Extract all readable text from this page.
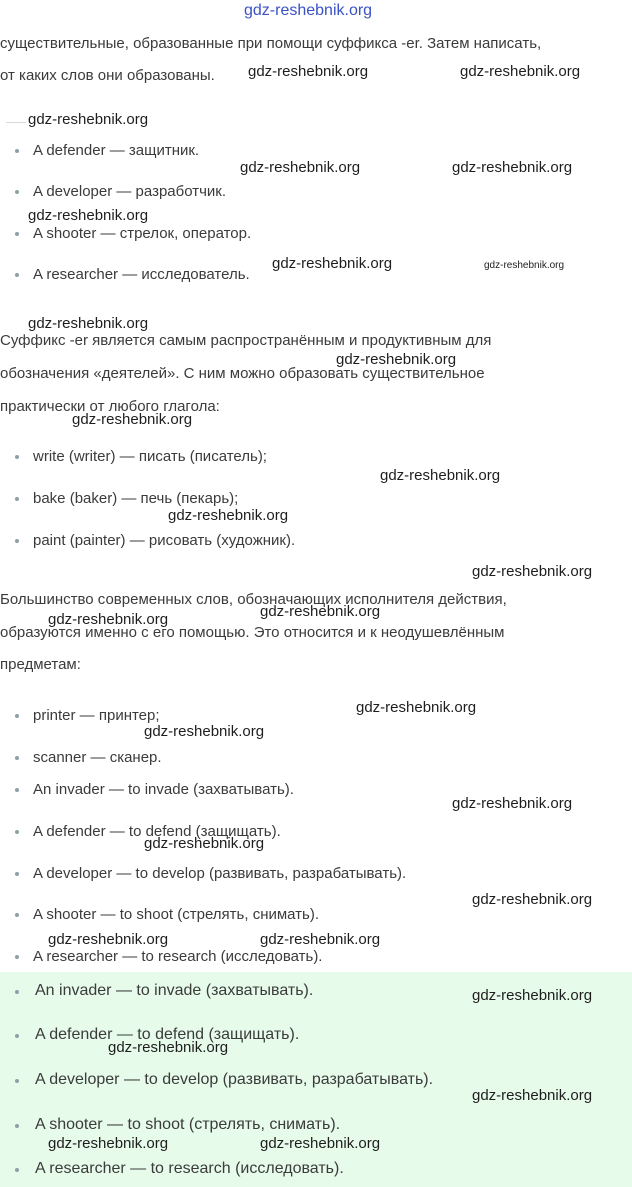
gdz-reshebnik.org
существительные, образованные при помощи суффикса -er. Затем написать,
от каких слов они образованы.
A defender — защитник.
A developer — разработчик.
A shooter — стрелок, оператор.
A researcher — исследователь.
Суффикс -er является самым распространённым и продуктивным для
обозначения «деятелей». С ним можно образовать существительное
практически от любого глагола:
write (writer) — писать (писатель);
bake (baker) — печь (пекарь);
paint (painter) — рисовать (художник).
Большинство современных слов, обозначающих исполнителя действия,
образуются именно с его помощью. Это относится и к неодушевлённым
предметам:
printer — принтер;
scanner — сканер.
An invader — to invade (захватывать).
A defender — to defend (защищать).
A developer — to develop (развивать, разрабатывать).
A shooter — to shoot (стрелять, снимать).
A researcher — to research (исследовать).
An invader — to invade (захватывать).
A defender — to defend (защищать).
A developer — to develop (развивать, разрабатывать).
A shooter — to shoot (стрелять, снимать).
A researcher — to research (исследовать).
gdz-reshebnik.org	gdz-reshebnik.org
gdz-reshebnik.org
gdz-reshebnik.org	gdz-reshebnik.org
gdz-reshebnik.org
gdz-reshebnik.org	gdz-reshebnik.org
gdz-reshebnik.org
gdz-reshebnik.org
gdz-reshebnik.org
gdz-reshebnik.org
gdz-reshebnik.org
gdz-reshebnik.org
gdz-reshebnik.org
gdz-reshebnik.org
gdz-reshebnik.org
gdz-reshebnik.org
gdz-reshebnik.org
gdz-reshebnik.org
gdz-reshebnik.org
gdz-reshebnik.org	gdz-reshebnik.org
gdz-reshebnik.org
gdz-reshebnik.org
gdz-reshebnik.org
gdz-reshebnik.org	gdz-reshebnik.org
